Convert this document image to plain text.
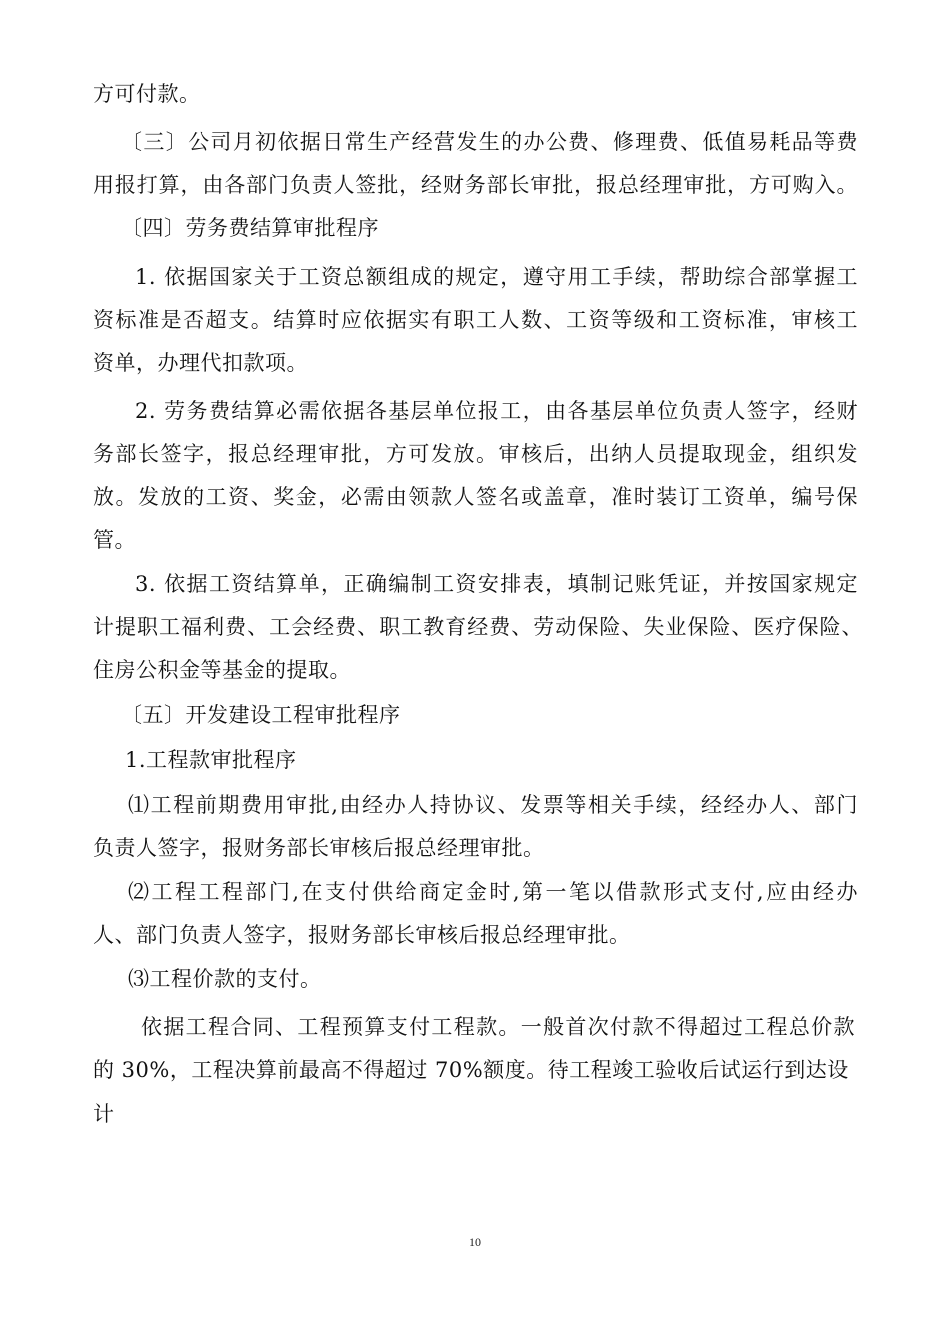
方可付款。
〔三〕公司月初依据日常生产经营发生的办公费、修理费、低值易耗品等费
用报打算，由各部门负责人签批，经财务部长审批，报总经理审批，方可购入。
〔四〕劳务费结算审批程序
1. 依据国家关于工资总额组成的规定，遵守用工手续，帮助综合部掌握工
资标准是否超支。结算时应依据实有职工人数、工资等级和工资标准，审核工
资单，办理代扣款项。
2. 劳务费结算必需依据各基层单位报工，由各基层单位负责人签字，经财
务部长签字，报总经理审批，方可发放。审核后，出纳人员提取现金，组织发
放。发放的工资、奖金，必需由领款人签名或盖章，准时装订工资单，编号保
管。
3. 依据工资结算单，正确编制工资安排表，填制记账凭证，并按国家规定
计提职工福利费、工会经费、职工教育经费、劳动保险、失业保险、医疗保险、
住房公积金等基金的提取。
〔五〕开发建设工程审批程序
1.工程款审批程序
⑴工程前期费用审批,由经办人持协议、发票等相关手续，经经办人、部门
负责人签字，报财务部长审核后报总经理审批。
⑵工程工程部门,在支付供给商定金时,第一笔以借款形式支付,应由经办
人、部门负责人签字，报财务部长审核后报总经理审批。
⑶工程价款的支付。
依据工程合同、工程预算支付工程款。一般首次付款不得超过工程总价款
的 30%，工程决算前最高不得超过 70%额度。待工程竣工验收后试运行到达设
计
10
